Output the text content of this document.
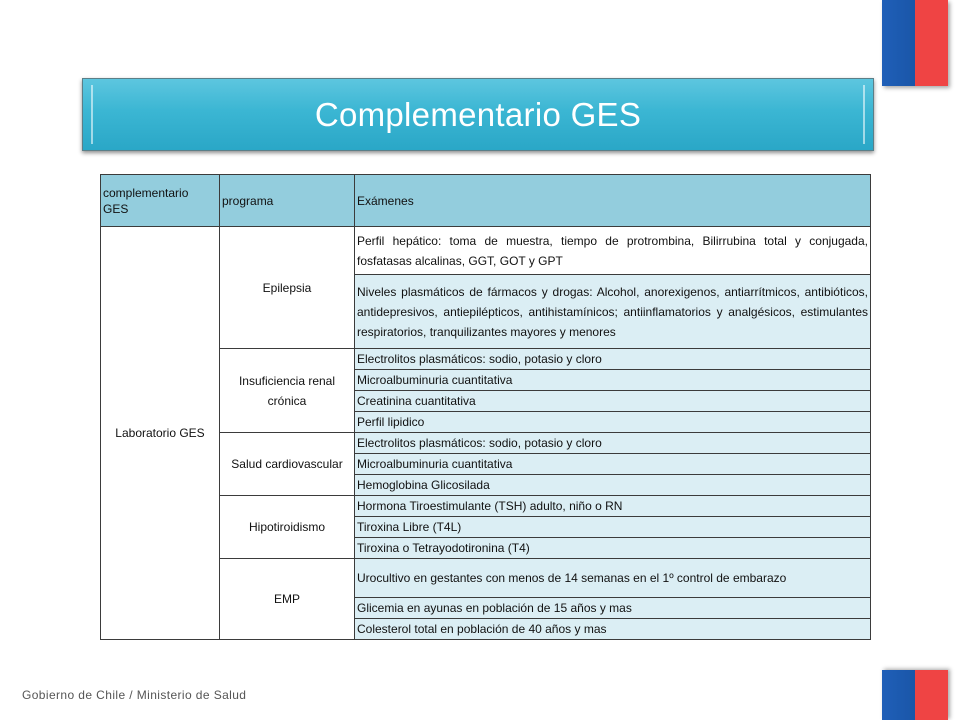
Complementario GES
complementario GES	programa	Exámenes
Laboratorio GES	Epilepsia	Perfil hepático: toma de muestra, tiempo de protrombina, Bilirrubina total y conjugada, fosfatasas alcalinas, GGT, GOT y GPT
		Niveles plasmáticos de fármacos y drogas: Alcohol, anorexigenos, antiarrítmicos, antibióticos, antidepresivos, antiepilépticos, antihistamínicos; antiinflamatorios y analgésicos, estimulantes respiratorios, tranquilizantes mayores y menores
	Insuficiencia renal crónica	Electrolitos plasmáticos: sodio, potasio y cloro
		Microalbuminuria cuantitativa
		Creatinina cuantitativa
		Perfil lipidico
	Salud cardiovascular	Electrolitos plasmáticos: sodio, potasio y cloro
		Microalbuminuria cuantitativa
		Hemoglobina Glicosilada
	Hipotiroidismo	Hormona Tiroestimulante (TSH) adulto, niño o RN
		Tiroxina Libre (T4L)
		Tiroxina o Tetrayodotironina (T4)
	EMP	Urocultivo en gestantes con menos de 14 semanas en el 1º control de embarazo
		Glicemia en ayunas en población de 15 años y mas
		Colesterol total en población de 40 años y mas
Gobierno de Chile / Ministerio de Salud
